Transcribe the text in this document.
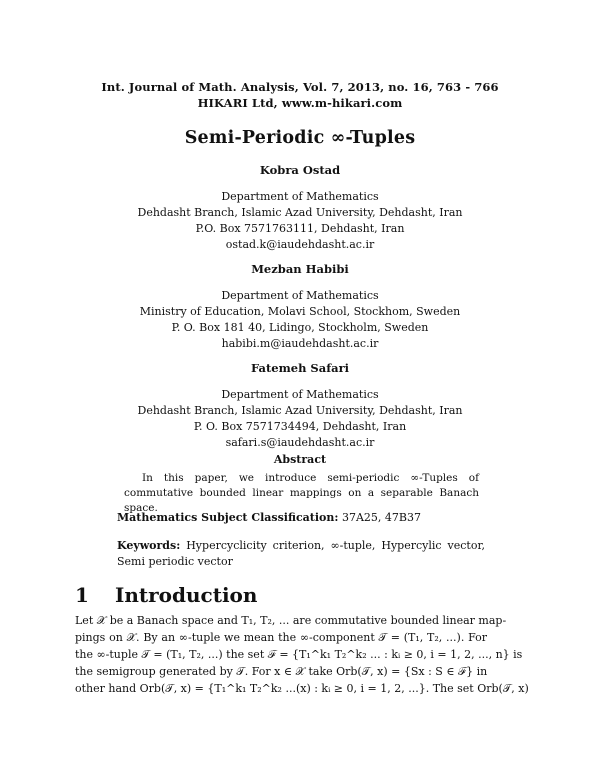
Int. Journal of Math. Analysis, Vol. 7, 2013, no. 16, 763 - 766
HIKARI Ltd, www.m-hikari.com
Semi-Periodic ∞-Tuples
Kobra Ostad
Department of Mathematics
Dehdasht Branch, Islamic Azad University, Dehdasht, Iran
P.O. Box 7571763111, Dehdasht, Iran
ostad.k@iaudehdasht.ac.ir
Mezban Habibi
Department of Mathematics
Ministry of Education, Molavi School, Stockhom, Sweden
P. O. Box 181 40, Lidingo, Stockholm, Sweden
habibi.m@iaudehdasht.ac.ir
Fatemeh Safari
Department of Mathematics
Dehdasht Branch, Islamic Azad University, Dehdasht, Iran
P. O. Box 7571734494, Dehdasht, Iran
safari.s@iaudehdasht.ac.ir
Abstract
In this paper, we introduce semi-periodic ∞-Tuples of commutative bounded linear mappings on a separable Banach space.
Mathematics Subject Classification: 37A25, 47B37
Keywords: Hypercyclicity criterion, ∞-tuple, Hypercylic vector, Semi periodic vector
1 Introduction
Let 𝒳 be a Banach space and T₁, T₂, ... are commutative bounded linear map-
pings on 𝒳. By an ∞-tuple we mean the ∞-component 𝒯 = (T₁, T₂, ...). For
the ∞-tuple 𝒯 = (T₁, T₂, ...) the set ℱ = {T₁^k₁ T₂^k₂ ... : kᵢ ≥ 0, i = 1, 2, ..., n} is
the semigroup generated by 𝒯. For x ∈ 𝒳 take Orb(𝒯, x) = {Sx : S ∈ ℱ} in
other hand Orb(𝒯, x) = {T₁^k₁ T₂^k₂ ...(x) : kᵢ ≥ 0, i = 1, 2, ...}. The set Orb(𝒯, x)
